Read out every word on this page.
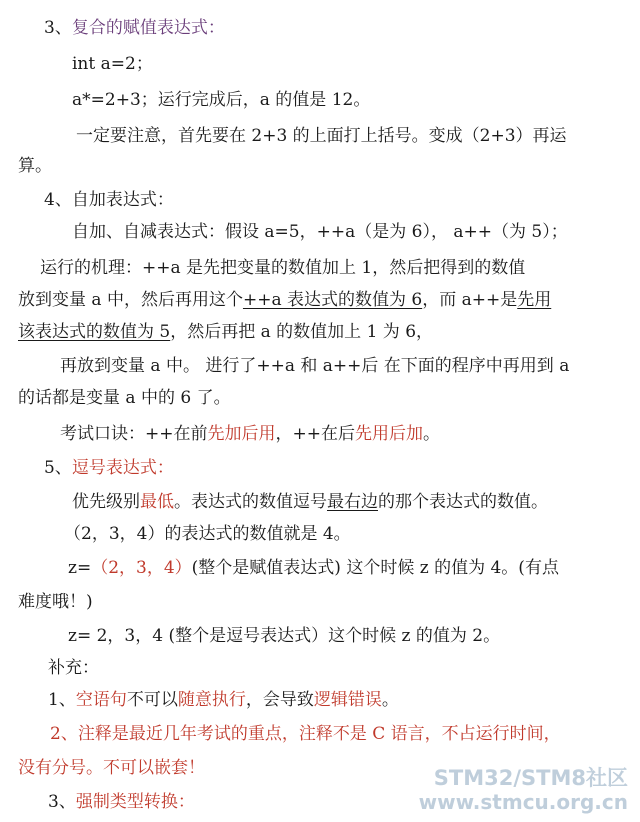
3、复合的赋值表达式：
int a=2；
a*=2+3；运行完成后，a 的值是 12。
一定要注意，首先要在 2+3 的上面打上括号。变成（2+3）再运
算。
4、自加表达式：
自加、自减表达式：假设 a=5，++a（是为 6）， a++（为 5）；
运行的机理：++a 是先把变量的数值加上 1，然后把得到的数值
放到变量 a 中，然后再用这个++a 表达式的数值为 6，而 a++是先用
该表达式的数值为 5，然后再把 a 的数值加上 1 为 6，
再放到变量 a 中。 进行了++a 和 a++后 在下面的程序中再用到 a
的话都是变量 a 中的 6 了。
考试口诀：++在前先加后用，++在后先用后加。
5、逗号表达式：
优先级别最低。表达式的数值逗号最右边的那个表达式的数值。
（2，3，4）的表达式的数值就是 4。
z=（2，3，4）(整个是赋值表达式) 这个时候 z 的值为 4。(有点
难度哦！)
z= 2，3，4 (整个是逗号表达式）这个时候 z 的值为 2。
补充：
1、空语句不可以随意执行，会导致逻辑错误。
2、注释是最近几年考试的重点，注释不是 C 语言，不占运行时间，
没有分号。不可以嵌套！
3、强制类型转换：
STM32/STM8社区
www.stmcu.org.cn
